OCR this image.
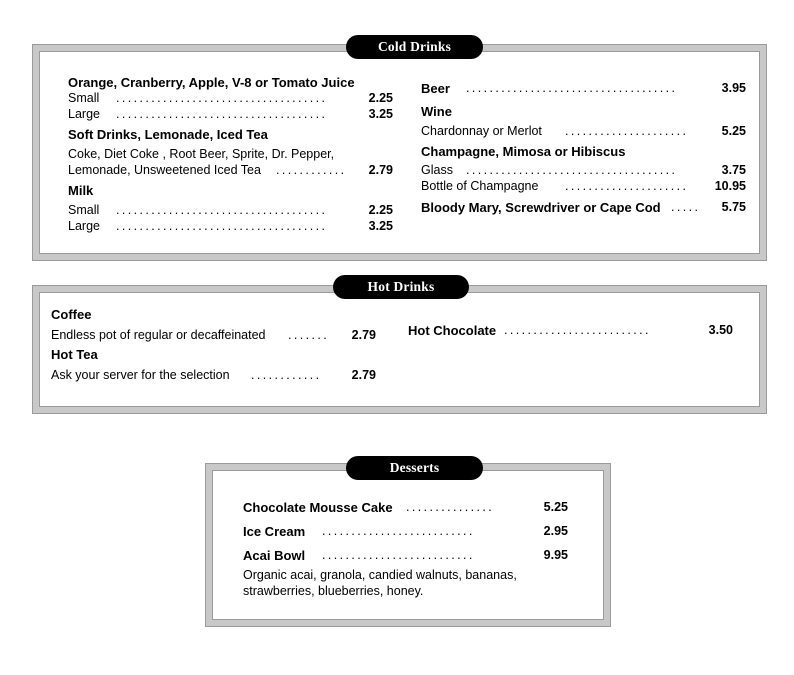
Cold Drinks
Orange, Cranberry, Apple, V-8 or Tomato Juice
Small ....................................	2.25
Large ....................................	3.25
Soft Drinks, Lemonade, Iced Tea
Coke, Diet Coke , Root Beer, Sprite, Dr. Pepper,
Lemonade, Unsweetened Iced Tea ............	2.79
Milk
Small ....................................	2.25
Large ....................................	3.25
Beer ....................................	3.95
Wine
Chardonnay or Merlot .....................	5.25
Champagne, Mimosa or Hibiscus
Glass ....................................	3.75
Bottle of Champagne .....................	10.95
Bloody Mary, Screwdriver or Cape Cod .....	5.75
Hot Drinks
Coffee
Endless pot of regular or decaffeinated .......	2.79
Hot Tea
Ask your server for the selection ............	2.79
Hot Chocolate .........................	3.50
Desserts
Chocolate Mousse Cake ...............	5.25
Ice Cream ..........................	2.95
Acai Bowl ..........................	9.95
Organic acai, granola, candied walnuts, bananas,
strawberries, blueberries, honey.
